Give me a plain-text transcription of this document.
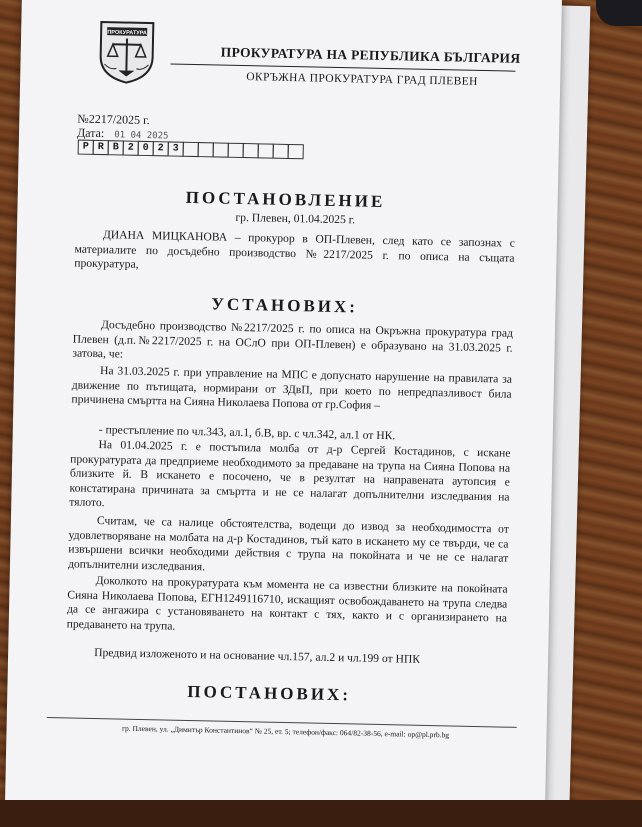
ПРОКУРАТУРА
ПРОКУРАТУРА НА РЕПУБЛИКА БЪЛГАРИЯ
ОКРЪЖНА ПРОКУРАТУРА ГРАД ПЛЕВЕН
№2217/2025 г.
Дата: 01 04 2025
P R B 2 0 2 3
ПОСТАНОВЛЕНИЕ
гр. Плевен, 01.04.2025 г.
ДИАНА МИЦКАНОВА – прокурор в ОП-Плевен, след като се запознах с материалите по досъдебно производство №2217/2025 г. по описа на същата прокуратура,
УСТАНОВИХ:
Досъдебно производство №2217/2025 г. по описа на Окръжна прокуратура град Плевен (д.п.№2217/2025 г. на ОСлО при ОП-Плевен) е образувано на 31.03.2025 г. затова, че:
На 31.03.2025 г. при управление на МПС е допуснато нарушение на правилата за движение по пътищата, нормирани от ЗДвП, при което по непредпазливост била причинена смъртта на Сияна Николаева Попова от гр.София –
- престъпление по чл.343, ал.1, б.В, вр. с чл.342, ал.1 от НК.
На 01.04.2025 г. е постъпила молба от д-р Сергей Костадинов, с искане прокуратурата да предприеме необходимото за предаване на трупа на Сияна Попова на близките й. В искането е посочено, че в резултат на направената аутопсия е констатирана причината за смъртта и не се налагат допълнителни изследвания на тялото.
Считам, че са налице обстоятелства, водещи до извод за необходимостта от удовлетворяване на молбата на д-р Костадинов, тъй като в искането му се твърди, че са извършени всички необходими действия с трупа на покойната и че не се налагат допълнителни изследвания.
Доколкото на прокуратурата към момента не са известни близките на покойната Сияна Николаева Попова, ЕГН1249116710, искащият освобождаването на трупа следва да се ангажира с установяването на контакт с тях, както и с организирането на предаването на трупа.
Предвид изложеното и на основание чл.157, ал.2 и чл.199 от НПК
ПОСТАНОВИХ:
гр. Плевен, ул. „Димитър Константинов“ № 25, ет. 5; телефон/факс: 064/82-38-56, e-mail: op@pl.prb.bg
